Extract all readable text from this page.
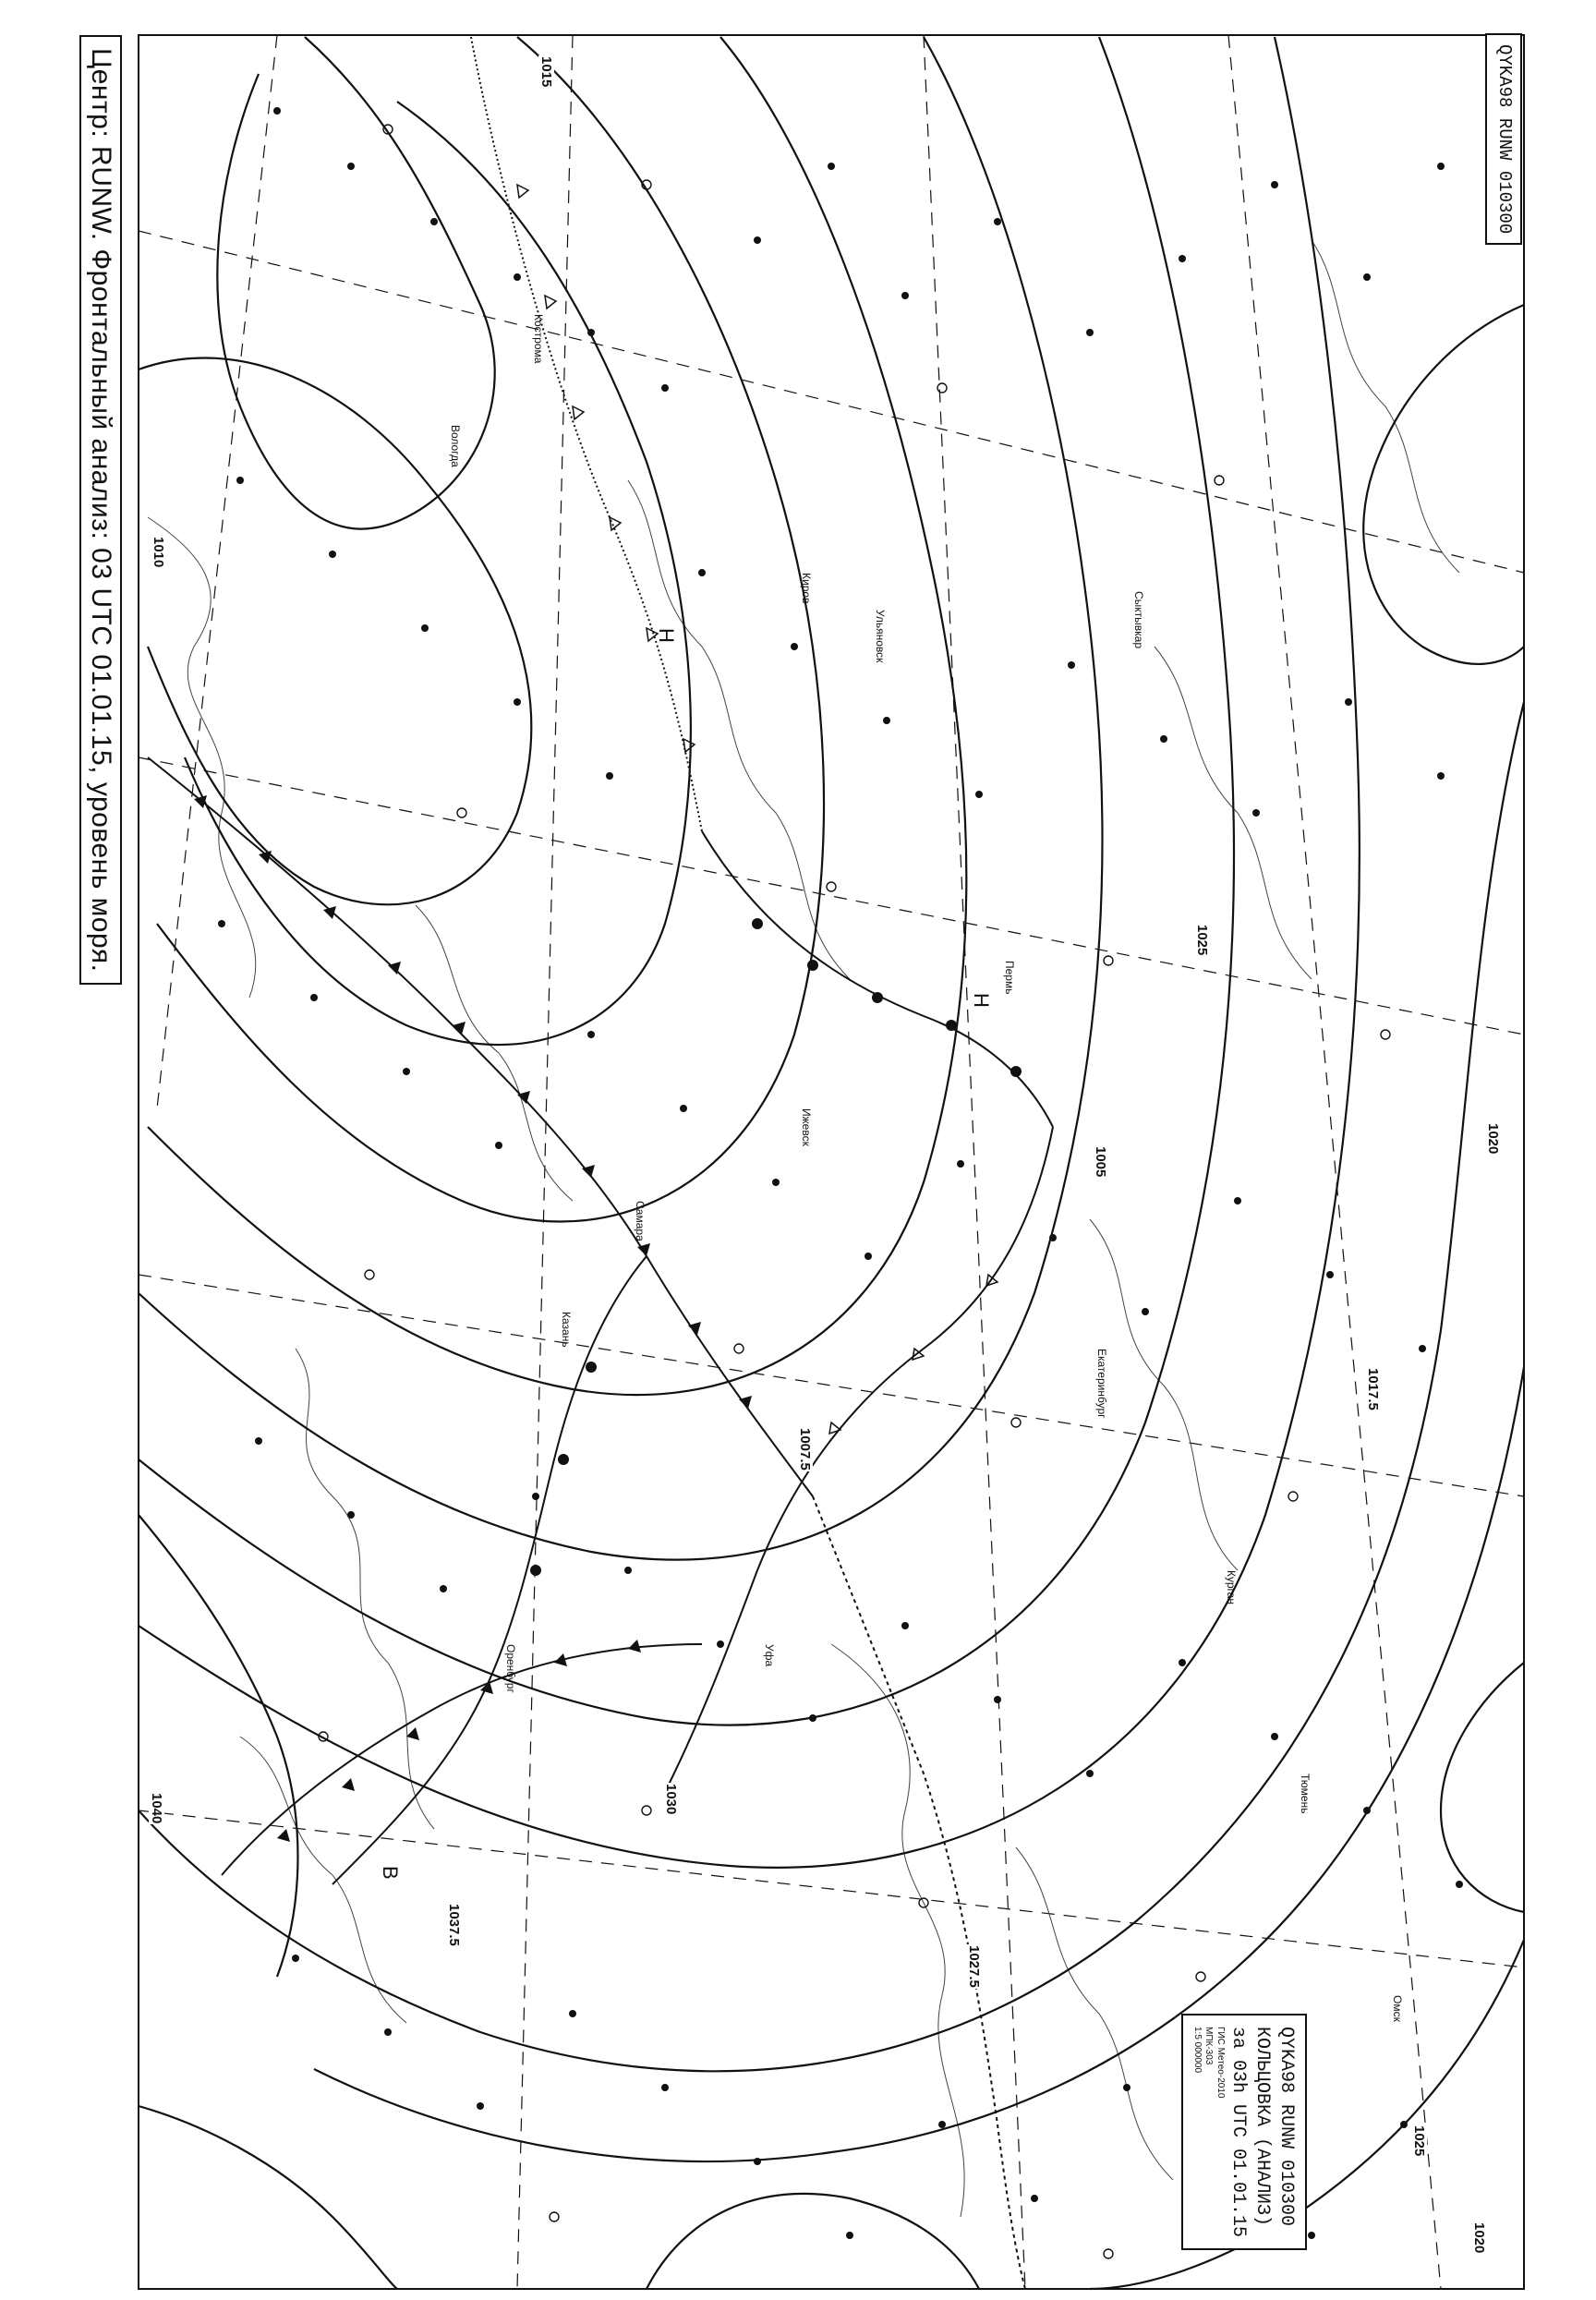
Центр: RUNW. Фронтальный анализ: 03 UTC 01.01.15, уровень моря.	QYKA98 RUNW 010300
QYKA98 RUNW 010300
КОЛЬЦОВКА (АНАЛИЗ)
за 03h UTC 01.01.15
ГИС Метео-2010
МПК-303
1:5 000000
1015
1010
1005
1020
1017.5
1007.5
1025
1027.5
1030
1037.5
1040
1020
1025
Н
Н
В
Кострома
Киров
Сыктывкар
Пермь
Екатеринбург
Ижевск
Казань
Вологда
Ульяновск
Уфа
Самара
Оренбург
Курган
Тюмень
Омск
